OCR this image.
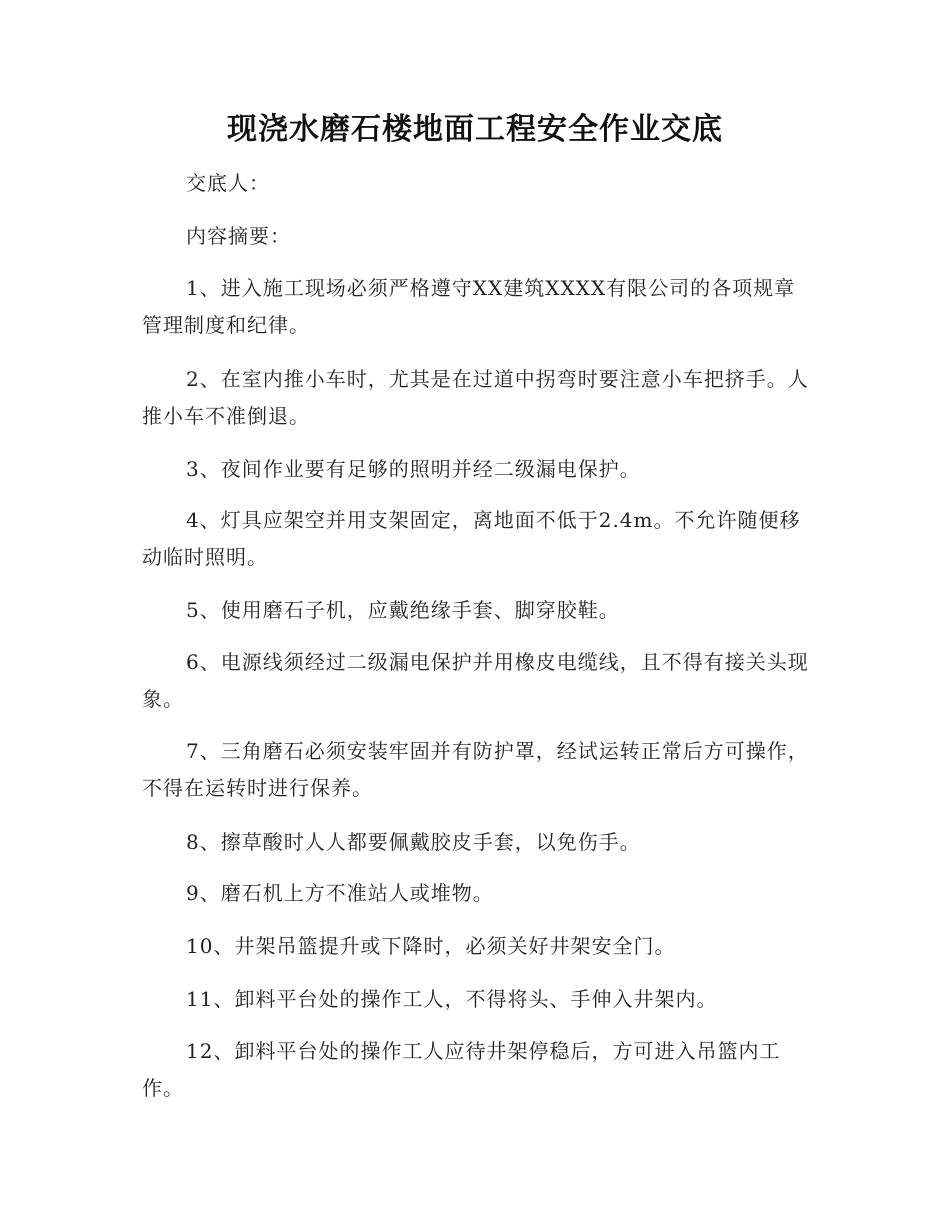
现浇水磨石楼地面工程安全作业交底

交底人：

内容摘要：

1、进入施工现场必须严格遵守XX建筑XXXX有限公司的各项规章管理制度和纪律。

2、在室内推小车时，尤其是在过道中拐弯时要注意小车把挤手。人推小车不准倒退。

3、夜间作业要有足够的照明并经二级漏电保护。

4、灯具应架空并用支架固定，离地面不低于2.4m。不允许随便移动临时照明。

5、使用磨石子机，应戴绝缘手套、脚穿胶鞋。

6、电源线须经过二级漏电保护并用橡皮电缆线，且不得有接关头现象。

7、三角磨石必须安装牢固并有防护罩，经试运转正常后方可操作，不得在运转时进行保养。

8、擦草酸时人人都要佩戴胶皮手套，以免伤手。

9、磨石机上方不准站人或堆物。

10、井架吊篮提升或下降时，必须关好井架安全门。

11、卸料平台处的操作工人，不得将头、手伸入井架内。

12、卸料平台处的操作工人应待井架停稳后，方可进入吊篮内工作。
